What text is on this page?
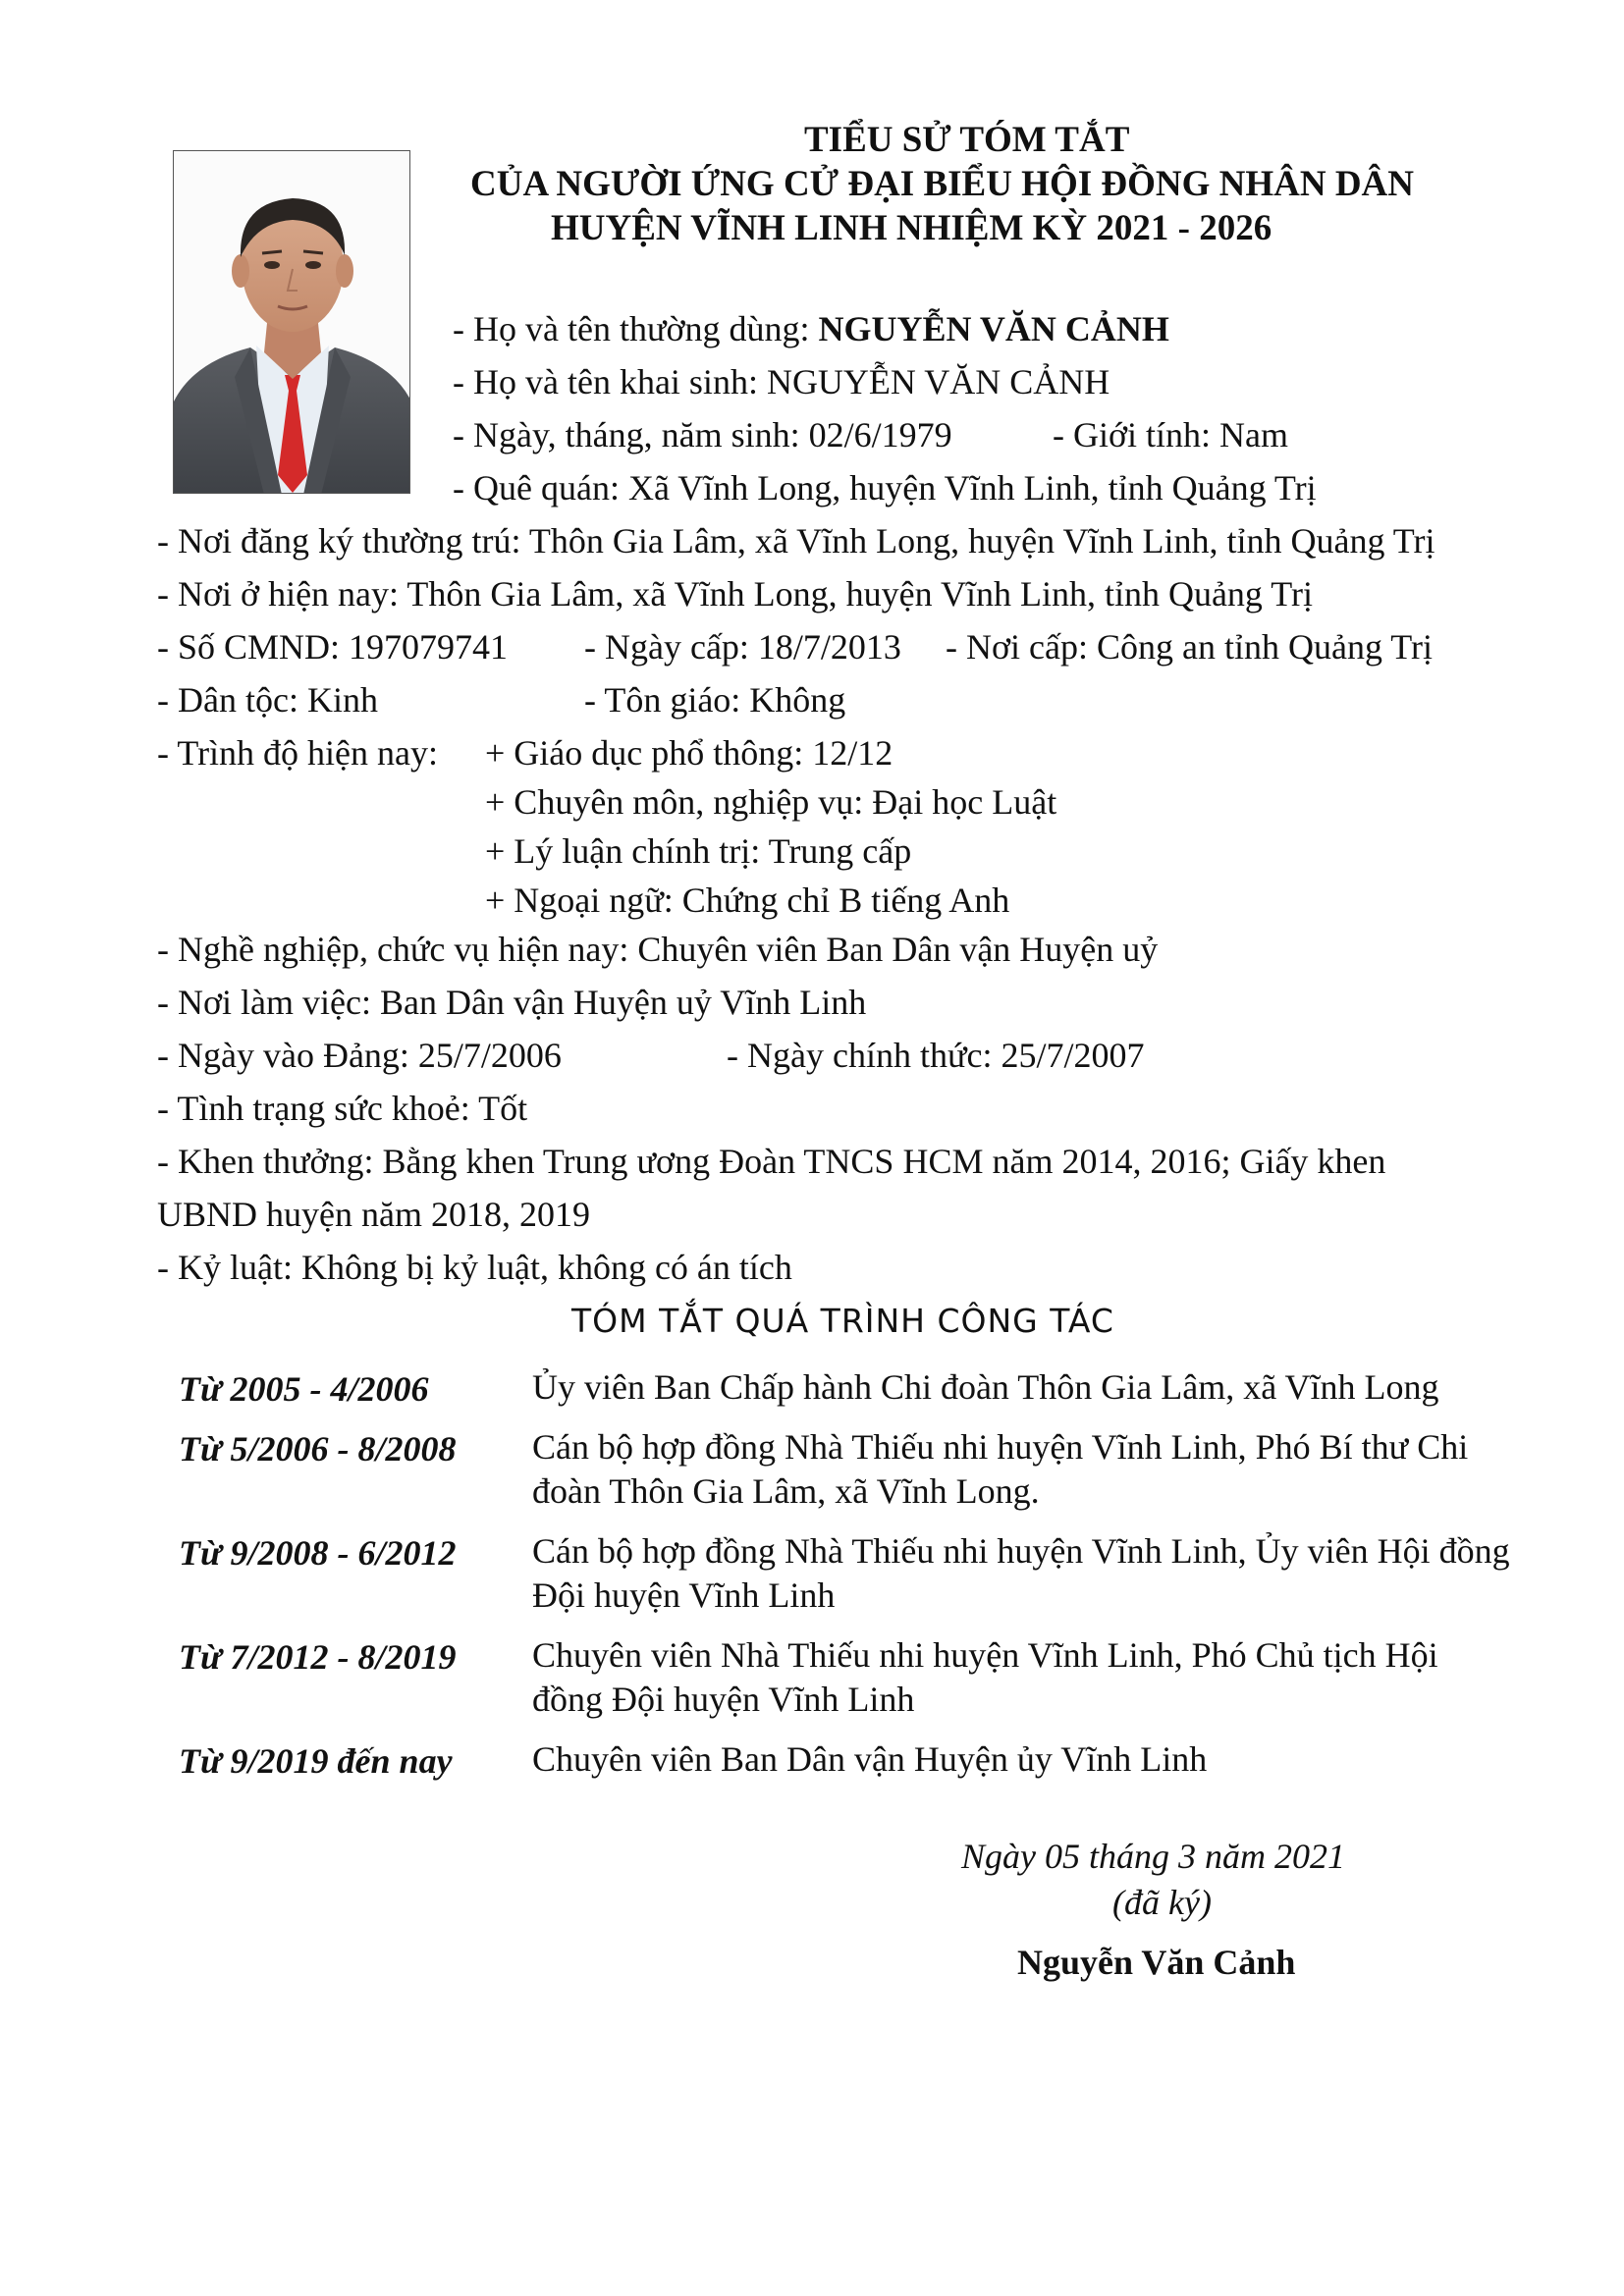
TIỂU SỬ TÓM TẮT
CỦA NGƯỜI ỨNG CỬ ĐẠI BIỂU HỘI ĐỒNG NHÂN DÂN
HUYỆN VĨNH LINH NHIỆM KỲ 2021 - 2026
- Họ và tên thường dùng: NGUYỄN VĂN CẢNH
- Họ và tên khai sinh: NGUYỄN VĂN CẢNH
- Ngày, tháng, năm sinh: 02/6/1979	- Giới tính: Nam
- Quê quán: Xã Vĩnh Long, huyện Vĩnh Linh, tỉnh Quảng Trị
- Nơi đăng ký thường trú: Thôn Gia Lâm, xã Vĩnh Long, huyện Vĩnh Linh, tỉnh Quảng Trị
- Nơi ở hiện nay: Thôn Gia Lâm, xã Vĩnh Long, huyện Vĩnh Linh, tỉnh Quảng Trị
- Số CMND: 197079741 - Ngày cấp: 18/7/2013 - Nơi cấp: Công an tỉnh Quảng Trị
- Dân tộc: Kinh	- Tôn giáo: Không
- Trình độ hiện nay: + Giáo dục phổ thông: 12/12
+ Chuyên môn, nghiệp vụ: Đại học Luật
+ Lý luận chính trị: Trung cấp
+ Ngoại ngữ: Chứng chỉ B tiếng Anh
- Nghề nghiệp, chức vụ hiện nay: Chuyên viên Ban Dân vận Huyện uỷ
- Nơi làm việc: Ban Dân vận Huyện uỷ Vĩnh Linh
- Ngày vào Đảng: 25/7/2006	- Ngày chính thức: 25/7/2007
- Tình trạng sức khoẻ: Tốt
- Khen thưởng: Bằng khen Trung ương Đoàn TNCS HCM năm 2014, 2016; Giấy khen
UBND huyện năm 2018, 2019
- Kỷ luật: Không bị kỷ luật, không có án tích
TÓM TẮT QUÁ TRÌNH CÔNG TÁC
Từ 2005 - 4/2006	Ủy viên Ban Chấp hành Chi đoàn Thôn Gia Lâm, xã Vĩnh Long
Từ 5/2006 - 8/2008 Cán bộ hợp đồng Nhà Thiếu nhi huyện Vĩnh Linh, Phó Bí thư Chi đoàn Thôn Gia Lâm, xã Vĩnh Long.
Từ 9/2008 - 6/2012 Cán bộ hợp đồng Nhà Thiếu nhi huyện Vĩnh Linh, Ủy viên Hội đồng Đội huyện Vĩnh Linh
Từ 7/2012 - 8/2019 Chuyên viên Nhà Thiếu nhi huyện Vĩnh Linh, Phó Chủ tịch Hội đồng Đội huyện Vĩnh Linh
Từ 9/2019 đến nay Chuyên viên Ban Dân vận Huyện ủy Vĩnh Linh
Ngày 05 tháng 3 năm 2021
(đã ký)
Nguyễn Văn Cảnh
